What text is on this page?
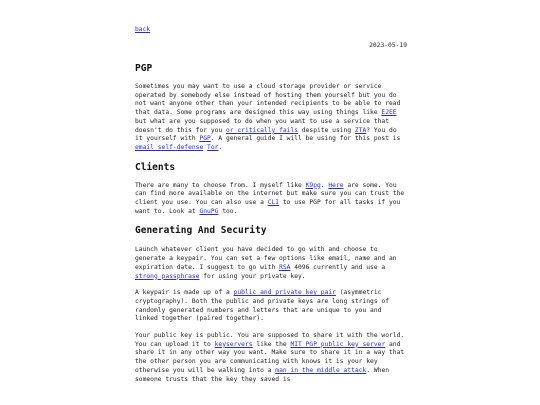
back
2023-05-19
PGP

Sometimes you may want to use a cloud storage provider or service operated by somebody else instead of hosting them yourself but you do not want anyone other than your intended recipients to be able to read that data. Some programs are designed this way using things like E2EE but what are you supposed to do when you want to use a service that doesn't do this for you or critically fails despite using ZTA? You do it yourself with PGP. A general guide I will be using for this post is email self-defense Tor.

Clients

There are many to choose from. I myself like K9pg. Here are some. You can find more available on the internet but make sure you can trust the client you use. You can also use a CLI to use PGP for all tasks if you want to. Look at GnuPG too.

Generating And Security

Launch whatever client you have decided to go with and choose to generate a keypair. You can set a few options like email, name and an expiration date. I suggest to go with RSA 4096 currently and use a strong passphrase for using your private key.

A keypair is made up of a public and private key pair (asymmetric cryptography). Both the public and private keys are long strings of randomly generated numbers and letters that are unique to you and linked together (paired together).

Your public key is public. You are supposed to share it with the world. You can upload it to keyservers like the MIT PGP public key server and share it in any other way you want. Make sure to share it in a way that the other person you are communicating with knows it is your key otherwise you will be walking into a man in the middle attack. When someone trusts that the key they saved is
